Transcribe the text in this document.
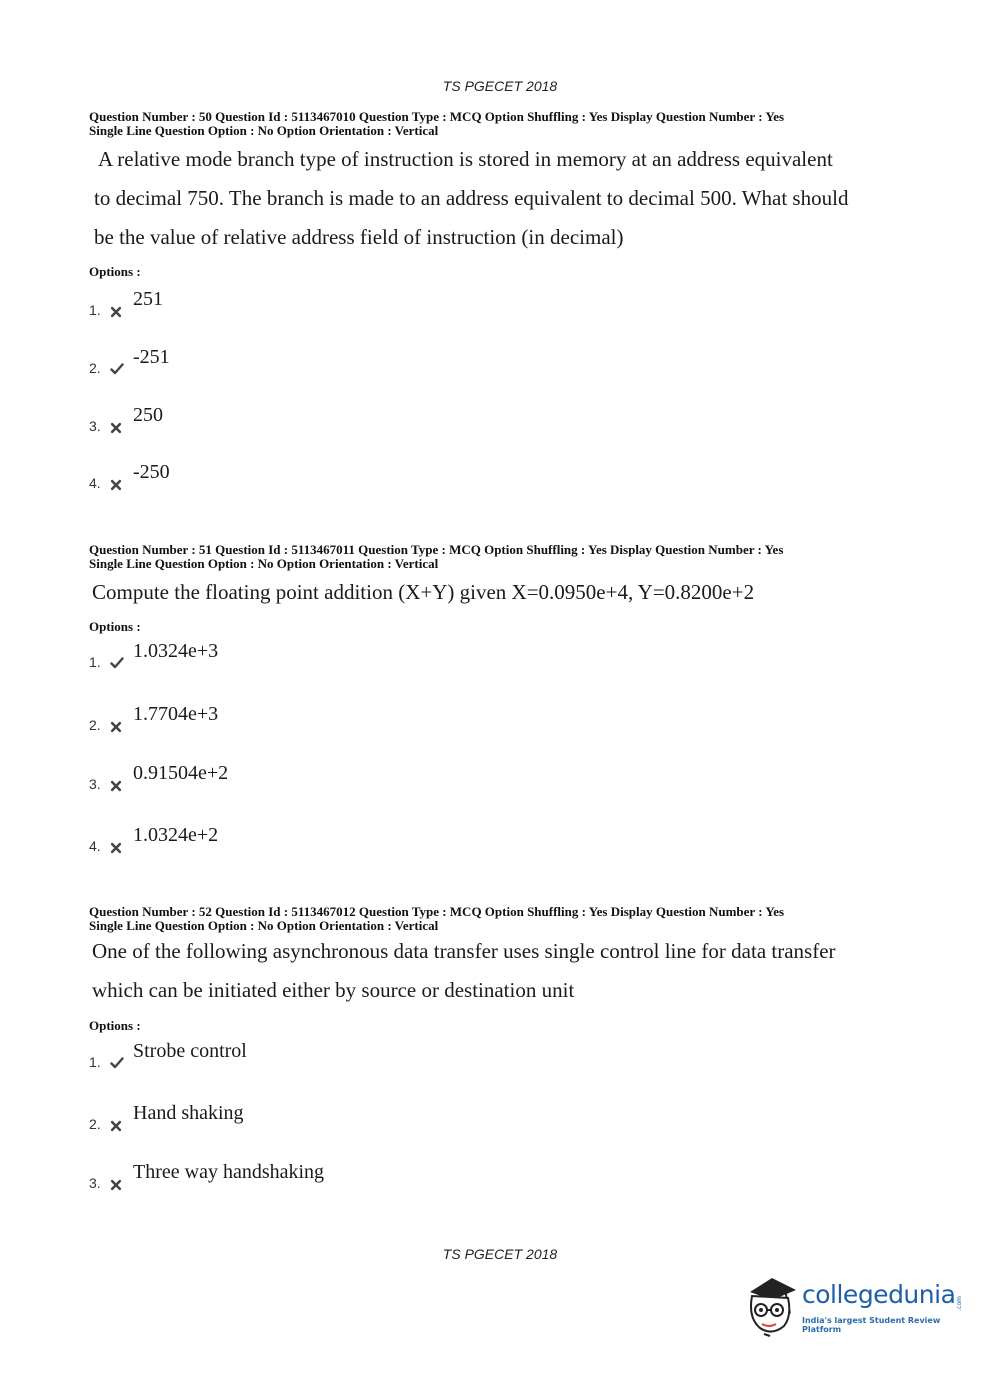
TS PGECET 2018
Question Number : 50 Question Id : 5113467010 Question Type : MCQ Option Shuffling : Yes Display Question Number : Yes
Single Line Question Option : No Option Orientation : Vertical
A relative mode branch type of instruction is stored in memory at an address equivalent
to decimal 750. The branch is made to an address equivalent to decimal 500. What should
be the value of relative address field of instruction (in decimal)
Options :
1. 251
2. -251
3. 250
4. -250
Question Number : 51 Question Id : 5113467011 Question Type : MCQ Option Shuffling : Yes Display Question Number : Yes
Single Line Question Option : No Option Orientation : Vertical
Compute the floating point addition (X+Y) given X=0.0950e+4, Y=0.8200e+2
Options :
1. 1.0324e+3
2. 1.7704e+3
3. 0.91504e+2
4. 1.0324e+2
Question Number : 52 Question Id : 5113467012 Question Type : MCQ Option Shuffling : Yes Display Question Number : Yes
Single Line Question Option : No Option Orientation : Vertical
One of the following asynchronous data transfer uses single control line for data transfer
which can be initiated either by source or destination unit
Options :
1. Strobe control
2. Hand shaking
3. Three way handshaking
TS PGECET 2018
collegedunia .com
India's largest Student Review Platform
